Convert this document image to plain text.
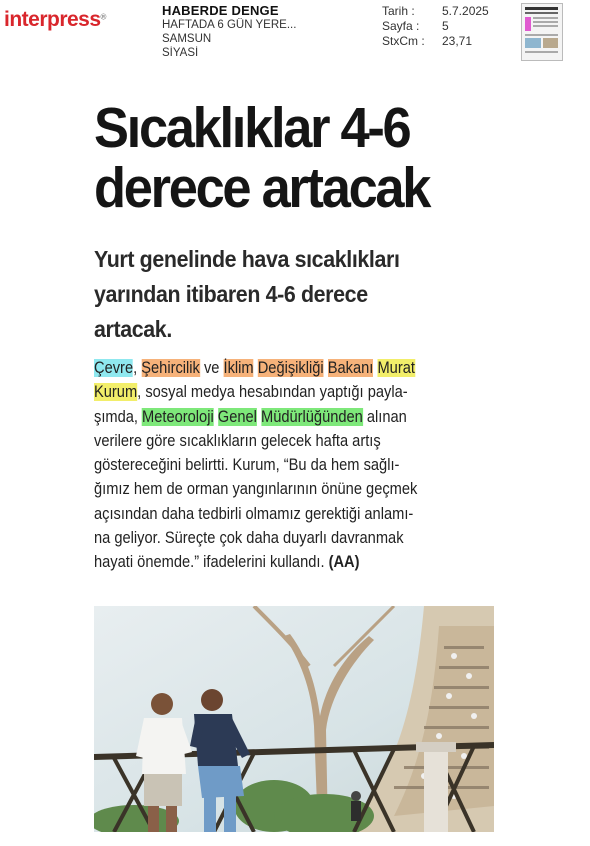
interpress®	HABERDE DENGE
HAFTADA 6 GÜN YERE...
SAMSUN
SİYASİ
Tarih : 5.7.2025
Sayfa : 5
StxCm : 23,71
Sıcaklıklar 4-6
derece artacak
Yurt genelinde hava sıcaklıkları
yarından itibaren 4-6 derece
artacak.
Çevre, Şehircilik ve İklim Değişikliği Bakanı Murat
Kurum, sosyal medya hesabından yaptığı payla-
şımda, Meteoroloji Genel Müdürlüğünden alınan
verilere göre sıcaklıkların gelecek hafta artış
göstereceğini belirtti. Kurum, “Bu da hem sağlı-
ğımız hem de orman yangınlarının önüne geçmek
açısından daha tedbirli olmamız gerektiği anlamı-
na geliyor. Süreçte çok daha duyarlı davranmak
hayati önemde.” ifadelerini kullandı. (AA)
